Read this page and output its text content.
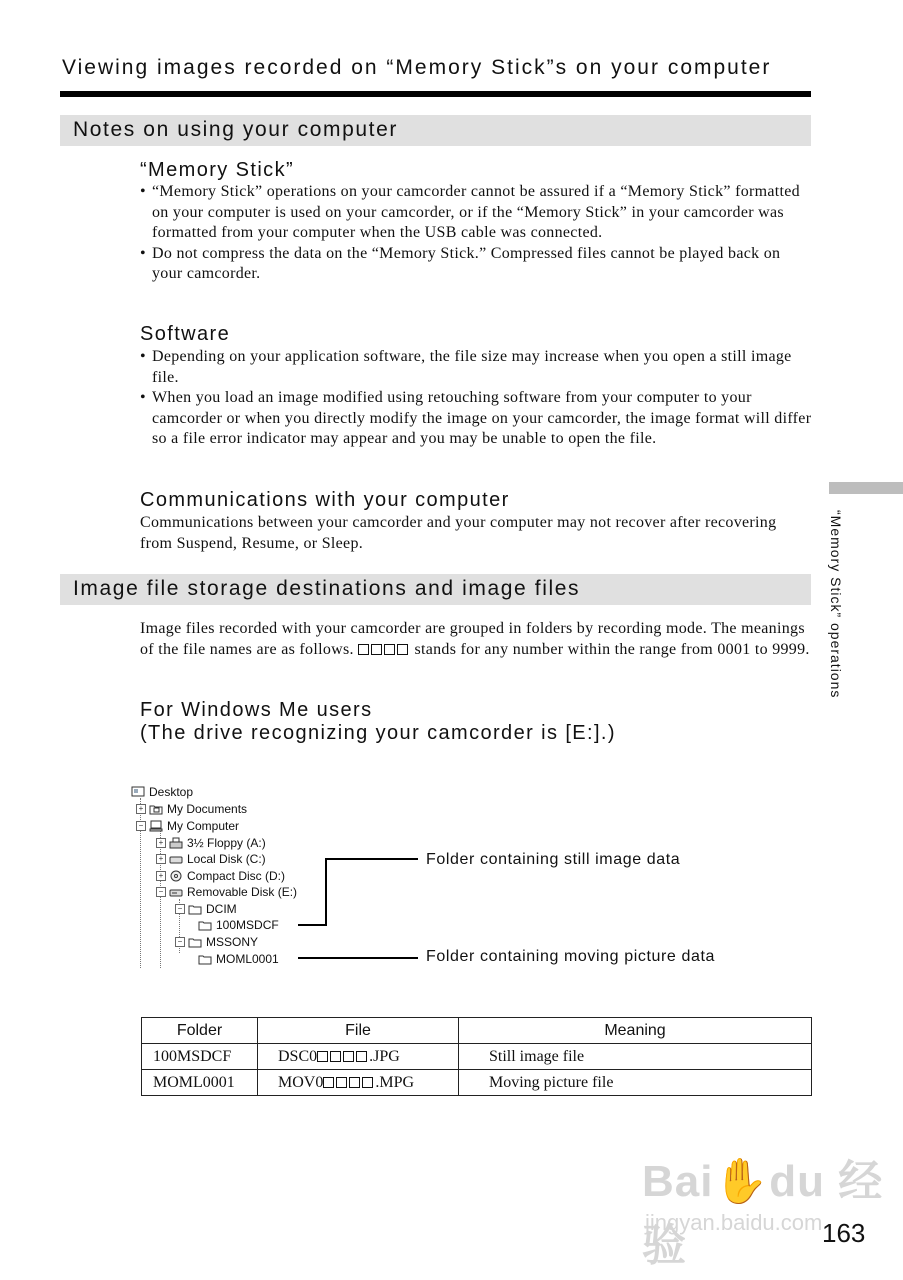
Viewing images recorded on “Memory Stick”s on your computer
Notes on using your computer
“Memory Stick”

• “Memory Stick” operations on your camcorder cannot be assured if a “Memory Stick” formatted on your computer is used on your camcorder, or if the “Memory Stick” in your camcorder was formatted from your computer when the USB cable was connected.

• Do not compress the data on the “Memory Stick.” Compressed files cannot be played back on your camcorder.

Software

• Depending on your application software, the file size may increase when you open a still image file.

• When you load an image modified using retouching software from your computer to your camcorder or when you directly modify the image on your camcorder, the image format will differ so a file error indicator may appear and you may be unable to open the file.

Communications with your computer
Communications between your camcorder and your computer may not recover after recovering from Suspend, Resume, or Sleep.
Image file storage destinations and image files
Image files recorded with your camcorder are grouped in folders by recording mode. The meanings of the file names are as follows.	stands for any number within the range from 0001 to 9999.
For Windows Me users
(The drive recognizing your camcorder is [E:].)
Desktop
+ My Documents
− My Computer
+ 3½ Floppy (A:)
+ Local Disk (C:)
+ Compact Disc (D:)
− Removable Disk (E:)
− DCIM
100MSDCF
− MSSONY
MOML0001
Folder containing still image data
Folder containing moving picture data
Folder	File	Meaning
100MSDCF	DSC0 .JPG	Still image file
MOML0001	MOV0 .MPG	Moving picture file
“Memory Stick” operations
Bai✋du 经验
jingyan.baidu.com 163
